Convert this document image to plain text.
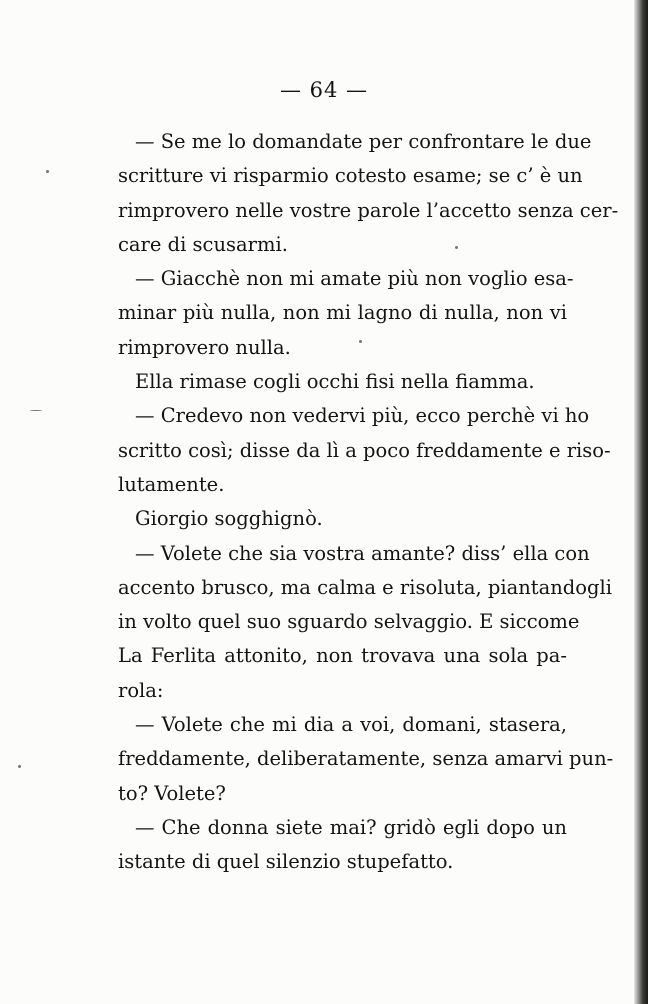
— 64 —
— Se me lo domandate per confrontare le due
scritture vi risparmio cotesto esame; se c’ è un
rimprovero nelle vostre parole l’accetto senza cer-
care di scusarmi.
— Giacchè non mi amate più non voglio esa-
minar più nulla, non mi lagno di nulla, non vi
rimprovero nulla.
Ella rimase cogli occhi fisi nella fiamma.
— Credevo non vedervi più, ecco perchè vi ho
scritto così; disse da lì a poco freddamente e riso-
lutamente.
Giorgio sogghignò.
— Volete che sia vostra amante? diss’ ella con
accento brusco, ma calma e risoluta, piantandogli
in volto quel suo sguardo selvaggio. E siccome
La Ferlita attonito, non trovava una sola pa-
rola:
— Volete che mi dia a voi, domani, stasera,
freddamente, deliberatamente, senza amarvi pun-
to? Volete?
— Che donna siete mai? gridò egli dopo un
istante di quel silenzio stupefatto.
